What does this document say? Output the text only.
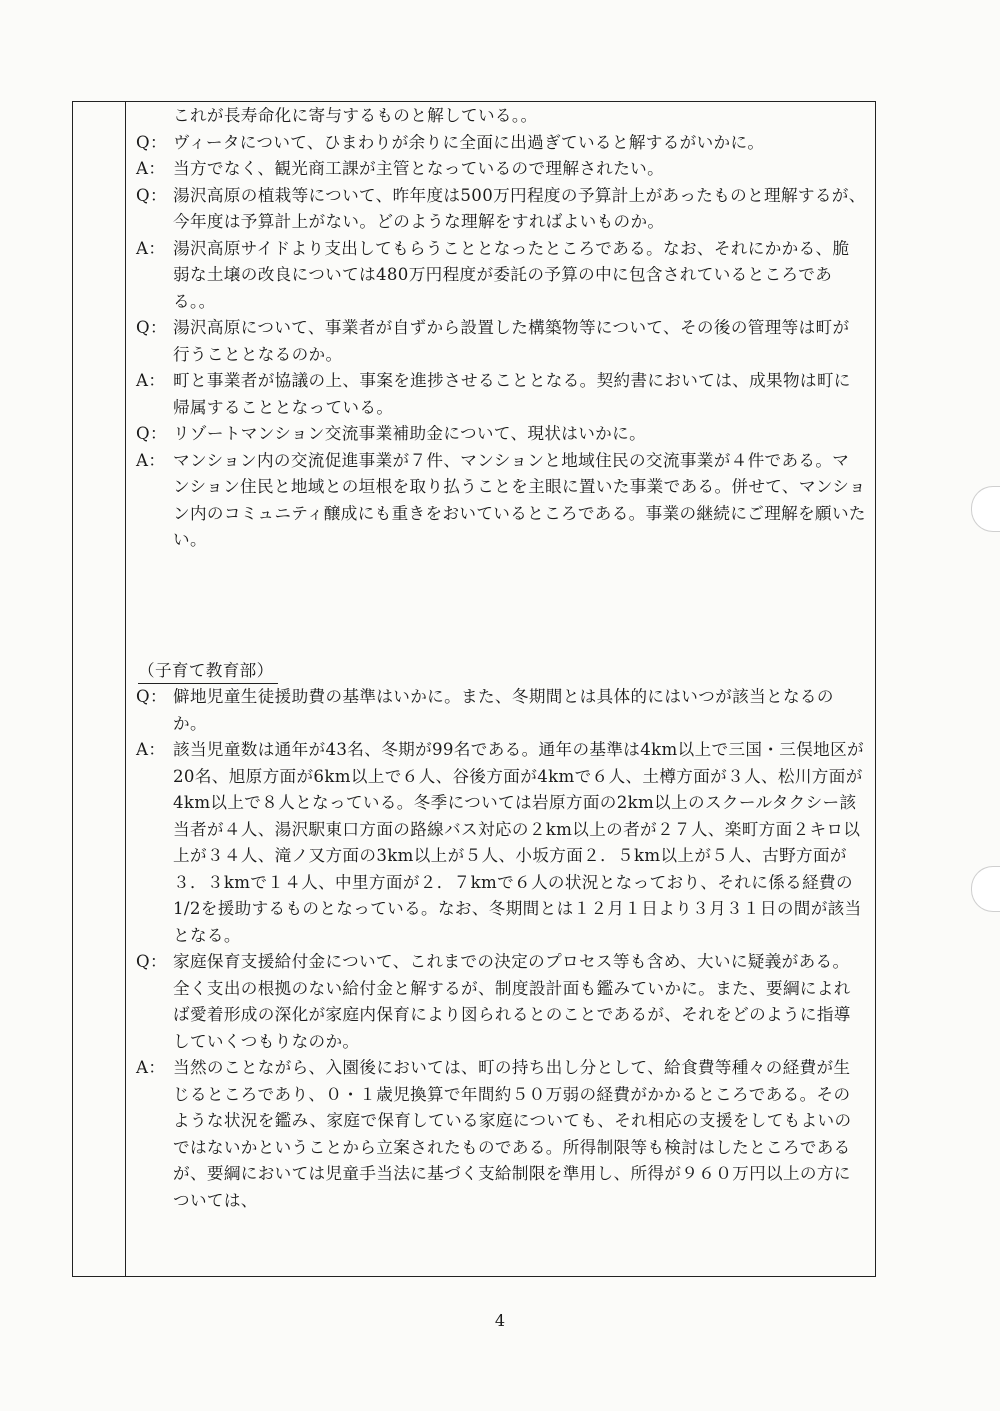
これが長寿命化に寄与するものと解している。。
Q： ヴィータについて、ひまわりが余りに全面に出過ぎていると解するがいかに。
A： 当方でなく、観光商工課が主管となっているので理解されたい。
Q： 湯沢高原の植栽等について、昨年度は500万円程度の予算計上があったものと理解するが、今年度は予算計上がない。どのような理解をすればよいものか。
A： 湯沢高原サイドより支出してもらうこととなったところである。なお、それにかかる、脆弱な土壌の改良については480万円程度が委託の予算の中に包含されているところである。。
Q： 湯沢高原について、事業者が自ずから設置した構築物等について、その後の管理等は町が行うこととなるのか。
A： 町と事業者が協議の上、事案を進捗させることとなる。契約書においては、成果物は町に帰属することとなっている。
Q： リゾートマンション交流事業補助金について、現状はいかに。
A： マンション内の交流促進事業が７件、マンションと地域住民の交流事業が４件である。マンション住民と地域との垣根を取り払うことを主眼に置いた事業である。併せて、マンション内のコミュニティ醸成にも重きをおいているところである。事業の継続にご理解を願いたい。
（子育て教育部）
Q： 僻地児童生徒援助費の基準はいかに。また、冬期間とは具体的にはいつが該当となるのか。
A： 該当児童数は通年が43名、冬期が99名である。通年の基準は4km以上で三国・三俣地区が20名、旭原方面が6km以上で６人、谷後方面が4kmで６人、土樽方面が３人、松川方面が4km以上で８人となっている。冬季については岩原方面の2km以上のスクールタクシー該当者が４人、湯沢駅東口方面の路線バス対応の２km以上の者が２７人、楽町方面２キロ以上が３４人、滝ノ又方面の3km以上が５人、小坂方面２．５km以上が５人、古野方面が３．３kmで１４人、中里方面が２．７kmで６人の状況となっており、それに係る経費の1/2を援助するものとなっている。なお、冬期間とは１２月１日より３月３１日の間が該当となる。
Q： 家庭保育支援給付金について、これまでの決定のプロセス等も含め、大いに疑義がある。全く支出の根拠のない給付金と解するが、制度設計面も鑑みていかに。また、要綱によれば愛着形成の深化が家庭内保育により図られるとのことであるが、それをどのように指導していくつもりなのか。
A： 当然のことながら、入園後においては、町の持ち出し分として、給食費等種々の経費が生じるところであり、０・１歳児換算で年間約５０万弱の経費がかかるところである。そのような状況を鑑み、家庭で保育している家庭についても、それ相応の支援をしてもよいのではないかということから立案されたものである。所得制限等も検討はしたところであるが、要綱においては児童手当法に基づく支給制限を準用し、所得が９６０万円以上の方については、
4
